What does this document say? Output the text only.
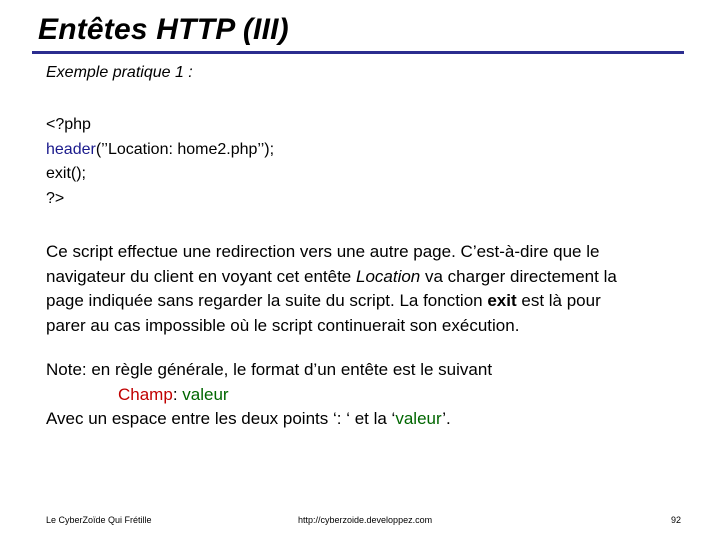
Entêtes HTTP (III)
Exemple pratique 1 :
<?php
header(’’Location: home2.php’’);
exit();
?>
Ce script effectue une redirection vers une autre page. C’est-à-dire que le
navigateur du client en voyant cet entête Location va charger directement la
page indiquée sans regarder la suite du script. La fonction exit est là pour
parer au cas impossible où le script continuerait son exécution.
Note: en règle générale, le format d’un entête est le suivant
Champ: valeur
Avec un espace entre les deux points ‘: ‘ et la ‘valeur’.
Le CyberZoïde Qui Frétille	http://cyberzoide.developpez.com	92
